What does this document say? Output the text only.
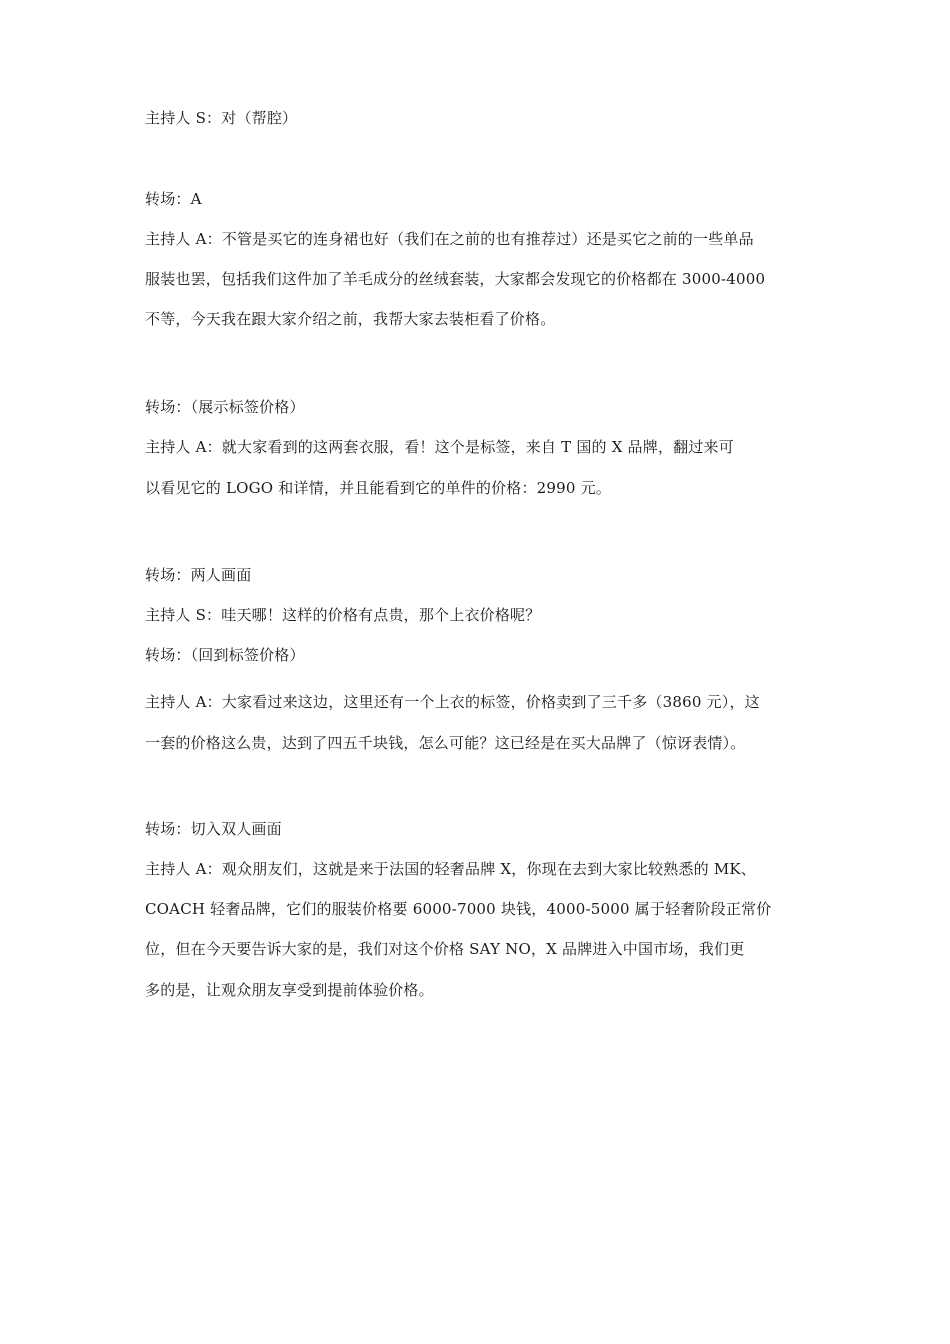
主持人 S：对（帮腔）
转场：A
主持人 A：不管是买它的连身裙也好（我们在之前的也有推荐过）还是买它之前的一些单品
服装也罢，包括我们这件加了羊毛成分的丝绒套装，大家都会发现它的价格都在 3000-4000
不等，今天我在跟大家介绍之前，我帮大家去装柜看了价格。
转场：（展示标签价格）
主持人 A：就大家看到的这两套衣服，看！这个是标签，来自 T 国的 X 品牌，翻过来可
以看见它的 LOGO 和详情，并且能看到它的单件的价格：2990 元。
转场：两人画面
主持人 S：哇天哪！这样的价格有点贵，那个上衣价格呢？
转场：（回到标签价格）
主持人 A：大家看过来这边，这里还有一个上衣的标签，价格卖到了三千多（3860 元），这
一套的价格这么贵，达到了四五千块钱，怎么可能？这已经是在买大品牌了（惊讶表情）。
转场：切入双人画面
主持人 A：观众朋友们，这就是来于法国的轻奢品牌 X，你现在去到大家比较熟悉的 MK、
COACH 轻奢品牌，它们的服装价格要 6000-7000 块钱，4000-5000 属于轻奢阶段正常价
位，但在今天要告诉大家的是，我们对这个价格 SAY NO，X 品牌进入中国市场，我们更
多的是，让观众朋友享受到提前体验价格。
